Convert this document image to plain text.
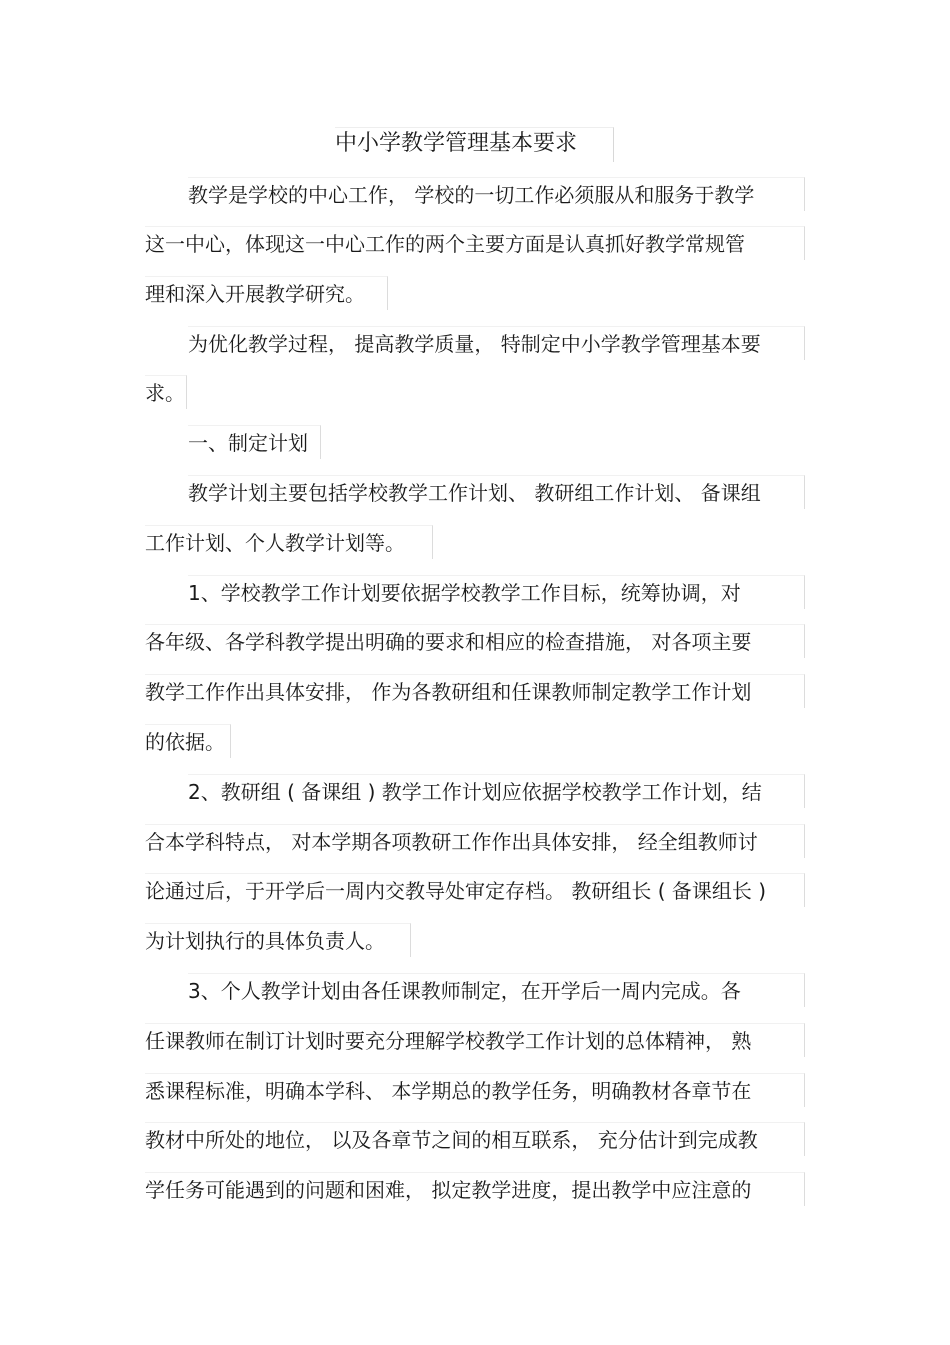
中小学教学管理基本要求
教学是学校的中心工作， 学校的一切工作必须服从和服务于教学
这一中心，体现这一中心工作的两个主要方面是认真抓好教学常规管
理和深入开展教学研究。
为优化教学过程， 提高教学质量， 特制定中小学教学管理基本要
求。
一、制定计划
教学计划主要包括学校教学工作计划、 教研组工作计划、 备课组
工作计划、个人教学计划等。
1、学校教学工作计划要依据学校教学工作目标，统筹协调，对
各年级、各学科教学提出明确的要求和相应的检查措施， 对各项主要
教学工作作出具体安排， 作为各教研组和任课教师制定教学工作计划
的依据。
2、教研组 ( 备课组 ) 教学工作计划应依据学校教学工作计划，结
合本学科特点， 对本学期各项教研工作作出具体安排， 经全组教师讨
论通过后，于开学后一周内交教导处审定存档。 教研组长 ( 备课组长 )
为计划执行的具体负责人。
3、个人教学计划由各任课教师制定，在开学后一周内完成。各
任课教师在制订计划时要充分理解学校教学工作计划的总体精神， 熟
悉课程标准，明确本学科、 本学期总的教学任务，明确教材各章节在
教材中所处的地位， 以及各章节之间的相互联系， 充分估计到完成教
学任务可能遇到的问题和困难， 拟定教学进度，提出教学中应注意的
